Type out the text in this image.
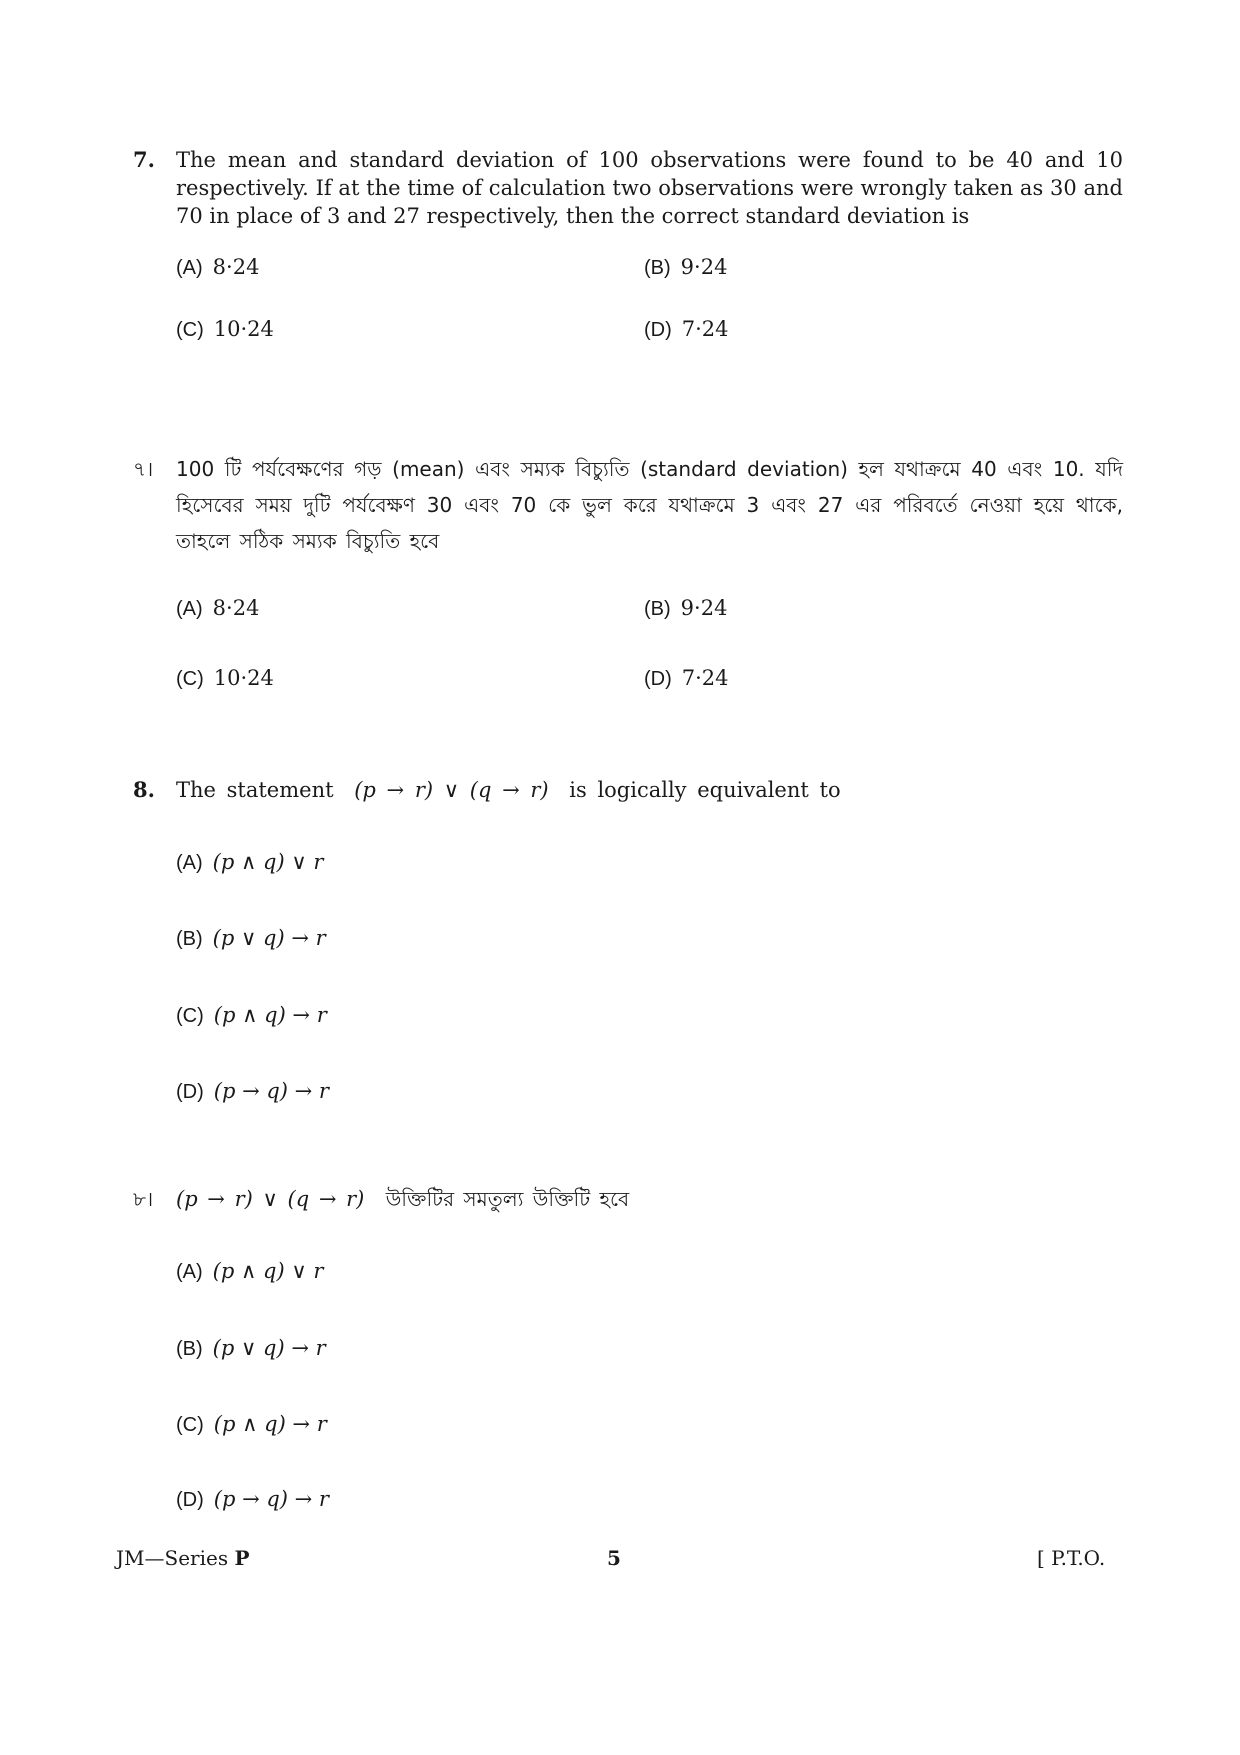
7. The mean and standard deviation of 100 observations were found to be 40 and 10 respectively. If at the time of calculation two observations were wrongly taken as 30 and 70 in place of 3 and 27 respectively, then the correct standard deviation is
(A) 8·24	(B) 9·24
(C) 10·24	(D) 7·24
৭। 100 টি পর্যবেক্ষণের গড় (mean) এবং সম্যক বিচ্যুতি (standard deviation) হল যথাক্রমে 40 এবং 10. যদি হিসেবের সময় দুটি পর্যবেক্ষণ 30 এবং 70 কে ভুল করে যথাক্রমে 3 এবং 27 এর পরিবর্তে নেওয়া হয়ে থাকে, তাহলে সঠিক সম্যক বিচ্যুতি হবে
(A) 8·24	(B) 9·24
(C) 10·24	(D) 7·24
8. The statement (p → r) ∨ (q → r) is logically equivalent to
(A) (p ∧ q) ∨ r
(B) (p ∨ q) → r
(C) (p ∧ q) → r
(D) (p → q) → r
৮। (p → r) ∨ (q → r) উক্তিটির সমতুল্য উক্তিটি হবে
(A) (p ∧ q) ∨ r
(B) (p ∨ q) → r
(C) (p ∧ q) → r
(D) (p → q) → r
JM—Series P	5	[ P.T.O.
